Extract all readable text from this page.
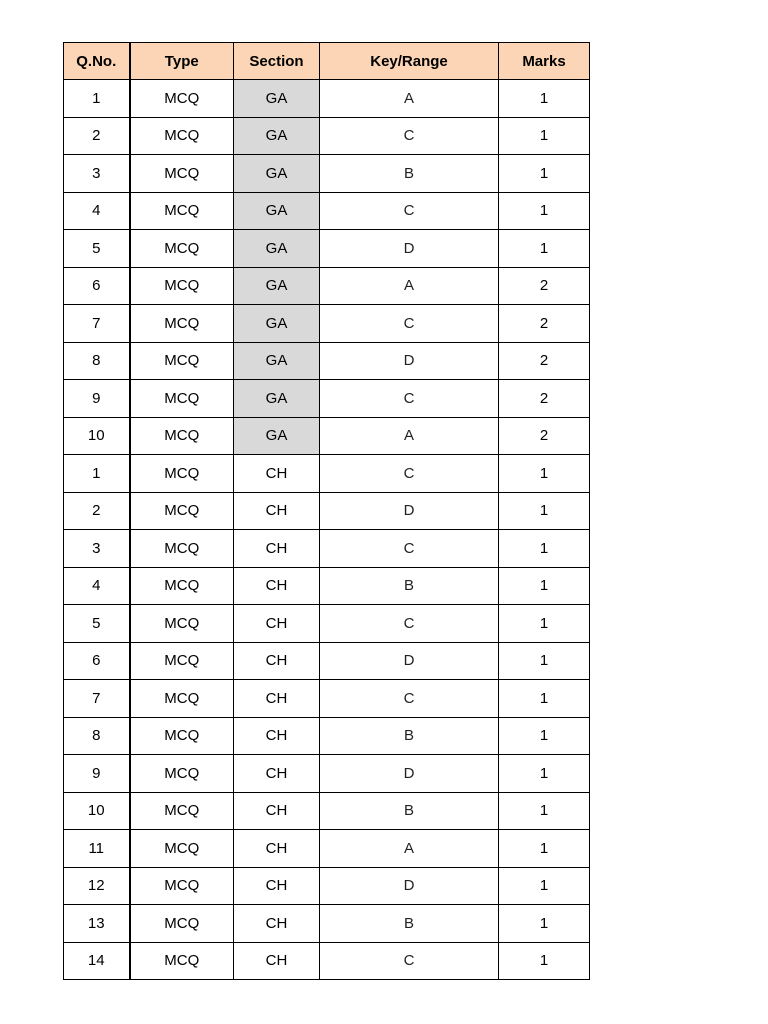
Q.No.	Type	Section	Key/Range	Marks
1	MCQ	GA	A	1
2	MCQ	GA	C	1
3	MCQ	GA	B	1
4	MCQ	GA	C	1
5	MCQ	GA	D	1
6	MCQ	GA	A	2
7	MCQ	GA	C	2
8	MCQ	GA	D	2
9	MCQ	GA	C	2
10	MCQ	GA	A	2
1	MCQ	CH	C	1
2	MCQ	CH	D	1
3	MCQ	CH	C	1
4	MCQ	CH	B	1
5	MCQ	CH	C	1
6	MCQ	CH	D	1
7	MCQ	CH	C	1
8	MCQ	CH	B	1
9	MCQ	CH	D	1
10	MCQ	CH	B	1
11	MCQ	CH	A	1
12	MCQ	CH	D	1
13	MCQ	CH	B	1
14	MCQ	CH	C	1
